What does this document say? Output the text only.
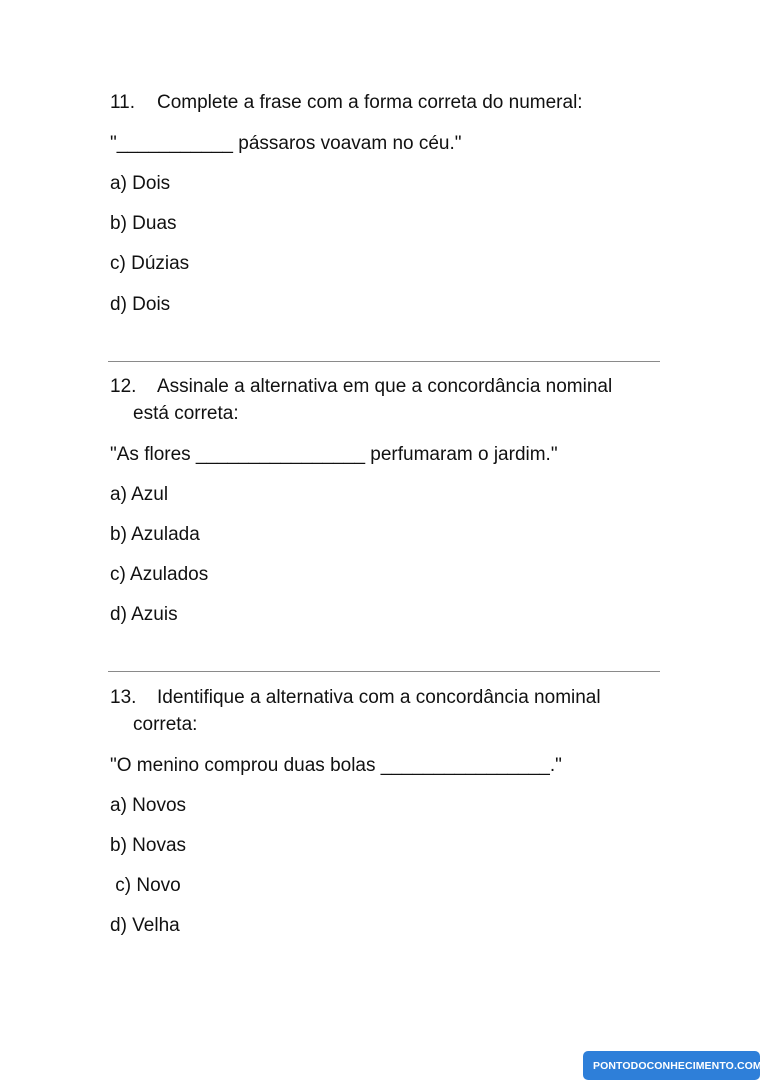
11. Complete a frase com a forma correta do numeral:
"___________ pássaros voavam no céu."
a) Dois
b) Duas
c) Dúzias
d) Dois
12. Assinale a alternativa em que a concordância nominal
está correta:
"As flores ________________ perfumaram o jardim."
a) Azul
b) Azulada
c) Azulados
d) Azuis
13. Identifique a alternativa com a concordância nominal
correta:
"O menino comprou duas bolas ________________."
a) Novos
b) Novas
c) Novo
d) Velha
PONTODOCONHECIMENTO.COM
